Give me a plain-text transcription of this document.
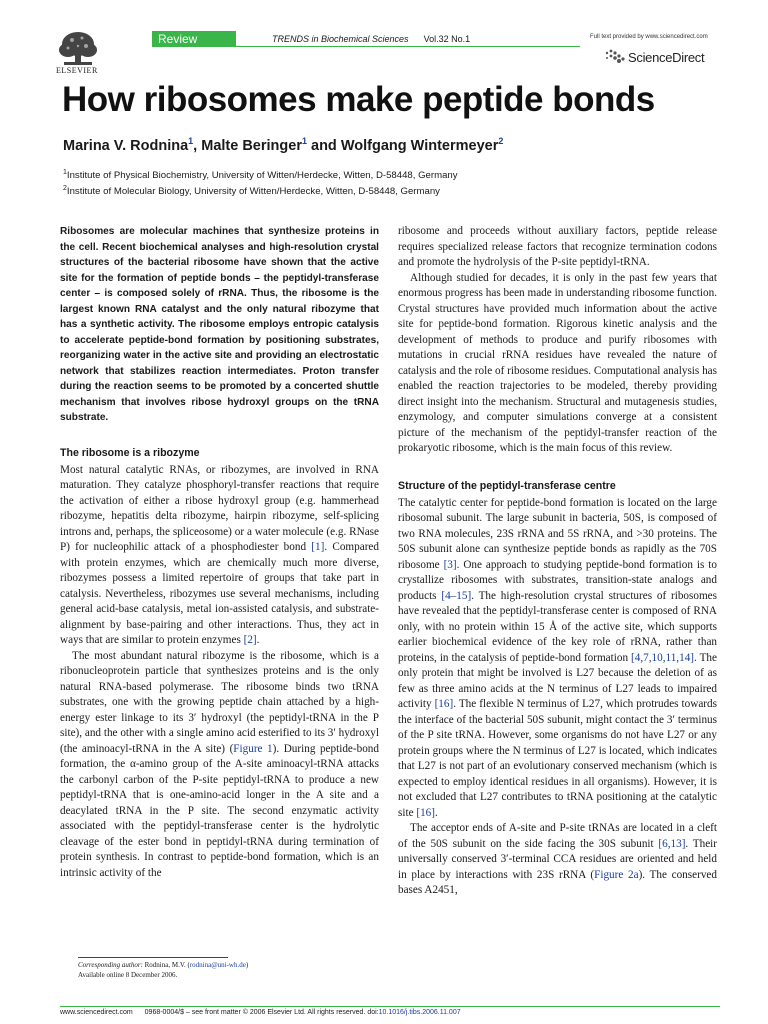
ELSEVIER
Review	TRENDS in Biochemical Sciences Vol.32 No.1	Full text provided by www.sciencedirect.com
ScienceDirect
How ribosomes make peptide bonds
Marina V. Rodnina$^1$, Malte Beringer$^1$ and Wolfgang Wintermeyer$^2$
$^1$Institute of Physical Biochemistry, University of Witten/Herdecke, Witten, D-58448, Germany
$^2$Institute of Molecular Biology, University of Witten/Herdecke, Witten, D-58448, Germany

Ribosomes are molecular machines that synthesize proteins in the cell. Recent biochemical analyses and high-resolution crystal structures of the bacterial ribosome have shown that the active site for the formation of peptide bonds – the peptidyl-transferase center – is composed solely of rRNA. Thus, the ribosome is the largest known RNA catalyst and the only natural ribozyme that has a synthetic activity. The ribosome employs entropic catalysis to accelerate peptide-bond formation by positioning substrates, reorganizing water in the active site and providing an electrostatic network that stabilizes reaction intermediates. Proton transfer during the reaction seems to be promoted by a concerted shuttle mechanism that involves ribose hydroxyl groups on the tRNA substrate.

The ribosome is a ribozyme

Most natural catalytic RNAs, or ribozymes, are involved in RNA maturation. They catalyze phosphoryl-transfer reactions that require the activation of either a ribose hydroxyl group (e.g. hammerhead ribozyme, hepatitis delta ribozyme, hairpin ribozyme, self-splicing introns and, perhaps, the spliceosome) or a water molecule (e.g. RNase P) for nucleophilic attack of a phosphodiester bond [1]. Compared with protein enzymes, which are chemically much more diverse, ribozymes possess a limited repertoire of groups that take part in catalysis. Nevertheless, ribozymes use several mechanisms, including general acid-base catalysis, metal ion-assisted catalysis, and substrate-alignment by base-pairing and other interactions. Thus, they act in ways that are similar to protein enzymes [2].

The most abundant natural ribozyme is the ribosome, which is a ribonucleoprotein particle that synthesizes proteins and is the only natural RNA-based polymerase. The ribosome binds two tRNA substrates, one with the growing peptide chain attached by a high-energy ester linkage to its 3′ hydroxyl (the peptidyl-tRNA in the P site), and the other with a single amino acid esterified to its 3′ hydroxyl (the aminoacyl-tRNA in the A site) (Figure 1). During peptide-bond formation, the α-amino group of the A-site aminoacyl-tRNA attacks the carbonyl carbon of the P-site peptidyl-tRNA to produce a new peptidyl-tRNA that is one-amino-acid longer in the A site and a deacylated tRNA in the P site. The second enzymatic activity associated with the peptidyl-transferase center is the hydrolytic cleavage of the ester bond in peptidyl-tRNA during termination of protein synthesis. In contrast to peptide-bond formation, which is an intrinsic activity of the

ribosome and proceeds without auxiliary factors, peptide release requires specialized release factors that recognize termination codons and promote the hydrolysis of the P-site peptidyl-tRNA.

Although studied for decades, it is only in the past few years that enormous progress has been made in understanding ribosome function. Crystal structures have provided much information about the active site for peptide-bond formation. Rigorous kinetic analysis and the development of methods to produce and purify ribosomes with mutations in crucial rRNA residues have revealed the nature of catalysis and the role of ribosome residues. Computational analysis has enabled the reaction trajectories to be modeled, thereby providing direct insight into the mechanism. Structural and mutagenesis studies, enzymology, and computer simulations converge at a consistent picture of the mechanism of the peptidyl-transfer reaction of the prokaryotic ribosome, which is the main focus of this review.

Structure of the peptidyl-transferase centre

The catalytic center for peptide-bond formation is located on the large ribosomal subunit. The large subunit in bacteria, 50S, is composed of two RNA molecules, 23S rRNA and 5S rRNA, and >30 proteins. The 50S subunit alone can synthesize peptide bonds as rapidly as the 70S ribosome [3]. One approach to studying peptide-bond formation is to crystallize ribosomes with substrates, transition-state analogs and products [4–15]. The high-resolution crystal structures of ribosomes have revealed that the peptidyl-transferase center is composed of RNA only, with no protein within 15 Å of the active site, which supports earlier biochemical evidence of the key role of rRNA, rather than proteins, in the catalysis of peptide-bond formation [4,7,10,11,14]. The only protein that might be involved is L27 because the deletion of as few as three amino acids at the N terminus of L27 leads to impaired activity [16]. The flexible N terminus of L27, which protrudes towards the interface of the bacterial 50S subunit, might contact the 3′ terminus of the P site tRNA. However, some organisms do not have L27 or any protein groups where the N terminus of L27 is located, which indicates that L27 is not part of an evolutionary conserved mechanism (which is expected to employ identical residues in all organisms). However, it is not excluded that L27 contributes to tRNA positioning at the catalytic site [16].

The acceptor ends of A-site and P-site tRNAs are located in a cleft of the 50S subunit on the side facing the 30S subunit [6,13]. Their universally conserved 3′-terminal CCA residues are oriented and held in place by interactions with 23S rRNA (Figure 2a). The conserved bases A2451,

Corresponding author: Rodnina, M.V. (rodnina@uni-wh.de)
Available online 8 December 2006.
www.sciencedirect.com 0968-0004/$ – see front matter © 2006 Elsevier Ltd. All rights reserved. doi:10.1016/j.tibs.2006.11.007
